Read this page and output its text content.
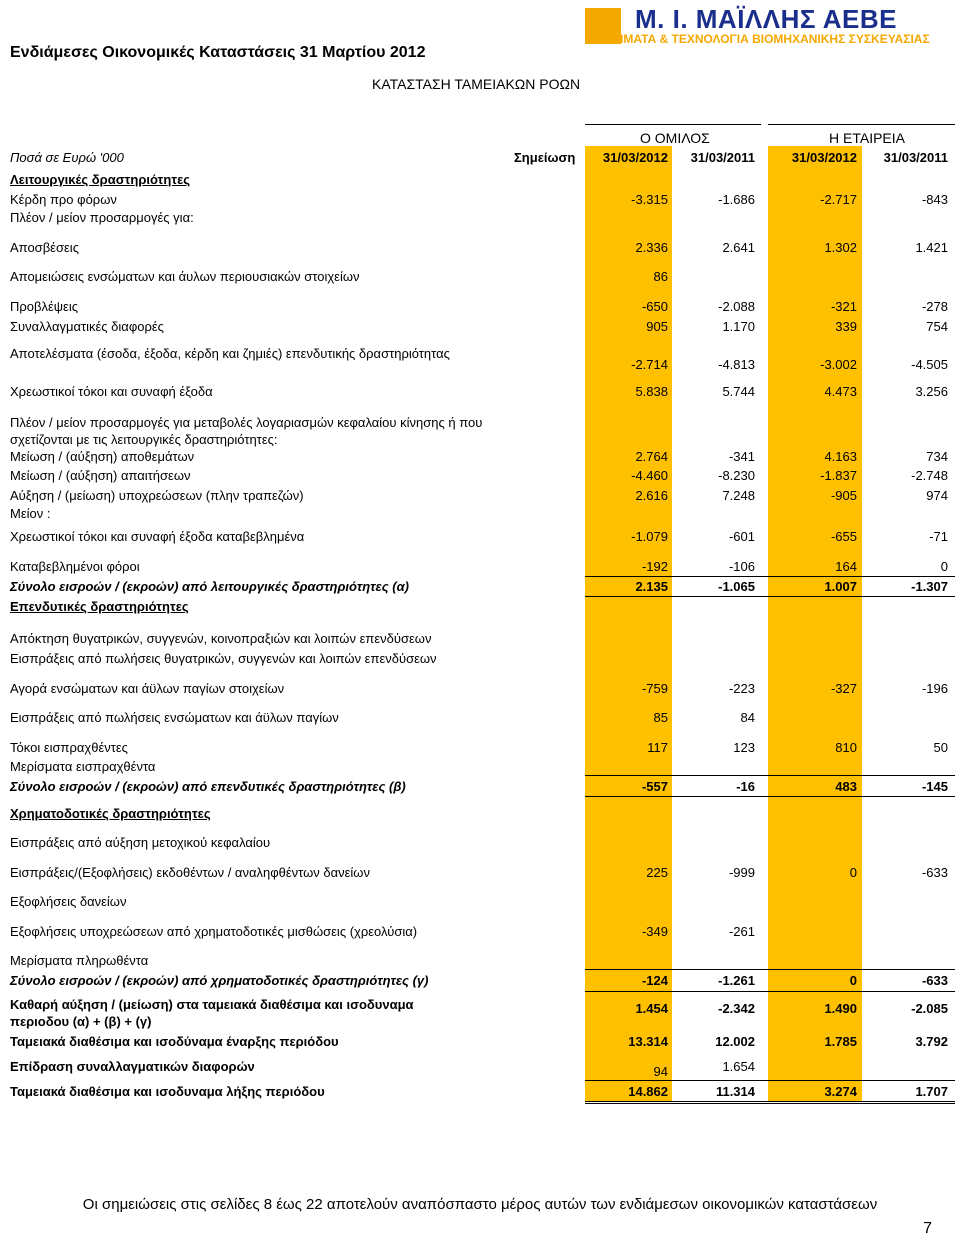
Ενδιάμεσες Οικονομικές Καταστάσεις 31 Μαρτίου 2012
Μ. Ι. ΜΑΪΛΛΗΣ ΑΕΒΕ
ΣΥΣΤΗΜΑΤΑ & ΤΕΧΝΟΛΟΓΙΑ ΒΙΟΜΗΧΑΝΙΚΗΣ ΣΥΣΚΕΥΑΣΙΑΣ
ΚΑΤΑΣΤΑΣΗ ΤΑΜΕΙΑΚΩΝ ΡΟΩΝ
Ο ΟΜΙΛΟΣ	Η ΕΤΑΙΡΕΙΑ
Ποσά σε Ευρώ '000	Σημείωση 31/03/2012 31/03/2011	31/03/2012 31/03/2011
Λειτουργικές δραστηριότητες
Κέρδη προ φόρων	-3.315	-1.686	-2.717	-843
Πλέον / μείον προσαρμογές για:
Αποσβέσεις	2.336	2.641	1.302	1.421
Απομειώσεις ενσώματων και άυλων περιουσιακών στοιχείων	86
Προβλέψεις	-650	-2.088	-321	-278
Συναλλαγματικές διαφορές	905	1.170	339	754
Αποτελέσματα (έσοδα, έξοδα, κέρδη και ζημιές) επενδυτικής δραστηριότητας
-2.714	-4.813	-3.002	-4.505
Χρεωστικοί τόκοι και συναφή έξοδα	5.838	5.744	4.473	3.256
Πλέον / μείον προσαρμογές για μεταβολές λογαριασμών κεφαλαίου κίνησης ή που σχετίζονται με τις λειτουργικές δραστηριότητες:
Μείωση / (αύξηση) αποθεμάτων	2.764	-341	4.163	734
Μείωση / (αύξηση) απαιτήσεων	-4.460	-8.230	-1.837	-2.748
Αύξηση / (μείωση) υποχρεώσεων (πλην τραπεζών)	2.616	7.248	-905	974
Μείον :
Χρεωστικοί τόκοι και συναφή έξοδα καταβεβλημένα	-1.079	-601	-655	-71
Καταβεβλημένοι φόροι	-192	-106	164	0
Σύνολο εισροών / (εκροών) από λειτουργικές δραστηριότητες (α)	2.135	-1.065	1.007	-1.307
Επενδυτικές δραστηριότητες
Απόκτηση θυγατρικών, συγγενών, κοινοπραξιών και λοιπών επενδύσεων
Εισπράξεις από πωλήσεις θυγατρικών, συγγενών και λοιπών επενδύσεων
Αγορά ενσώματων και άϋλων παγίων στοιχείων	-759	-223	-327	-196
Εισπράξεις από πωλήσεις ενσώματων και άϋλων παγίων	85	84
Τόκοι εισπραχθέντες	117	123	810	50
Μερίσματα εισπραχθέντα
Σύνολο εισροών / (εκροών) από επενδυτικές δραστηριότητες (β)	-557	-16	483	-145
Χρηματοδοτικές δραστηριότητες
Εισπράξεις από αύξηση μετοχικού κεφαλαίου
Εισπράξεις/(Εξοφλήσεις) εκδοθέντων / αναληφθέντων δανείων	225	-999	0	-633
Εξοφλήσεις δανείων
Εξοφλήσεις υποχρεώσεων από χρηματοδοτικές μισθώσεις (χρεολύσια)	-349	-261
Μερίσματα πληρωθέντα
Σύνολο εισροών / (εκροών) από χρηματοδοτικές δραστηριότητες (γ)	-124	-1.261	0	-633
Καθαρή αύξηση / (μείωση) στα ταμειακά διαθέσιμα και ισοδυναμα περιοδου (α) + (β) + (γ)
1.454	-2.342	1.490	-2.085
Ταμειακά διαθέσιμα και ισοδύναμα έναρξης περιόδου	13.314	12.002	1.785	3.792
Επίδραση συναλλαγματικών διαφορών	94	1.654
Ταμειακά διαθέσιμα και ισοδυναμα λήξης περιόδου	14.862	11.314	3.274	1.707
Οι σημειώσεις στις σελίδες 8 έως 22 αποτελούν αναπόσπαστο μέρος αυτών των ενδιάμεσων οικονομικών καταστάσεων
7
